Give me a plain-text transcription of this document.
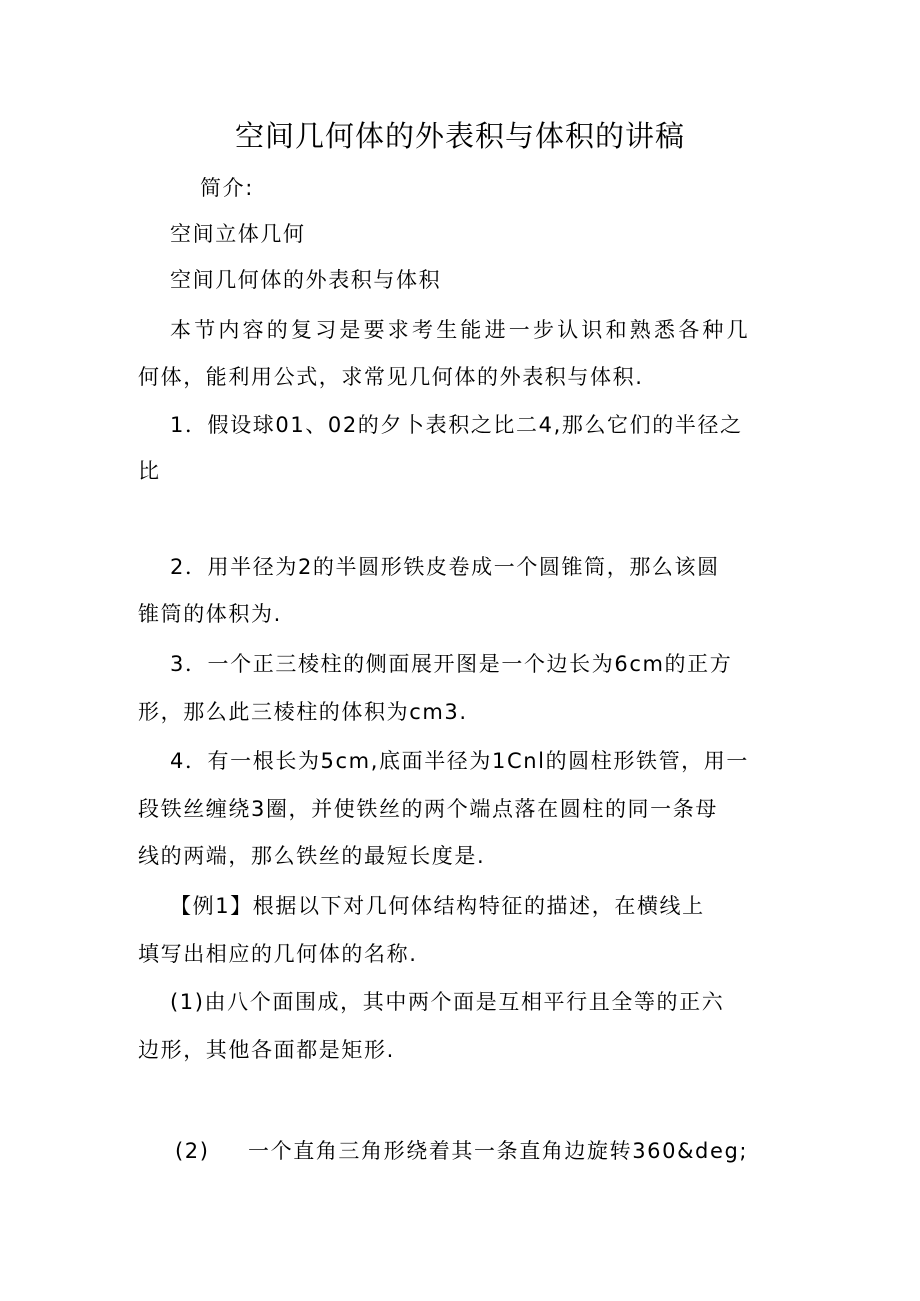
空间几何体的外表积与体积的讲稿
简介:
空间立体几何
空间几何体的外表积与体积
本节内容的复习是要求考生能进一步认识和熟悉各种几
何体，能利用公式，求常见几何体的外表积与体积.
1．假设球01、02的夕卜表积之比二4,那么它们的半径之
比
2．用半径为2的半圆形铁皮卷成一个圆锥筒，那么该圆
锥筒的体积为.
3．一个正三棱柱的侧面展开图是一个边长为6cm的正方
形，那么此三棱柱的体积为cm3.
4．有一根长为5cm,底面半径为1Cnl的圆柱形铁管，用一
段铁丝缠绕3圈，并使铁丝的两个端点落在圆柱的同一条母
线的两端，那么铁丝的最短长度是.
【例1】根据以下对几何体结构特征的描述，在横线上
填写出相应的几何体的名称.
(1)由八个面围成，其中两个面是互相平行且全等的正六
边形，其他各面都是矩形.
(2) 一个直角三角形绕着其一条直角边旋转360&deg;
